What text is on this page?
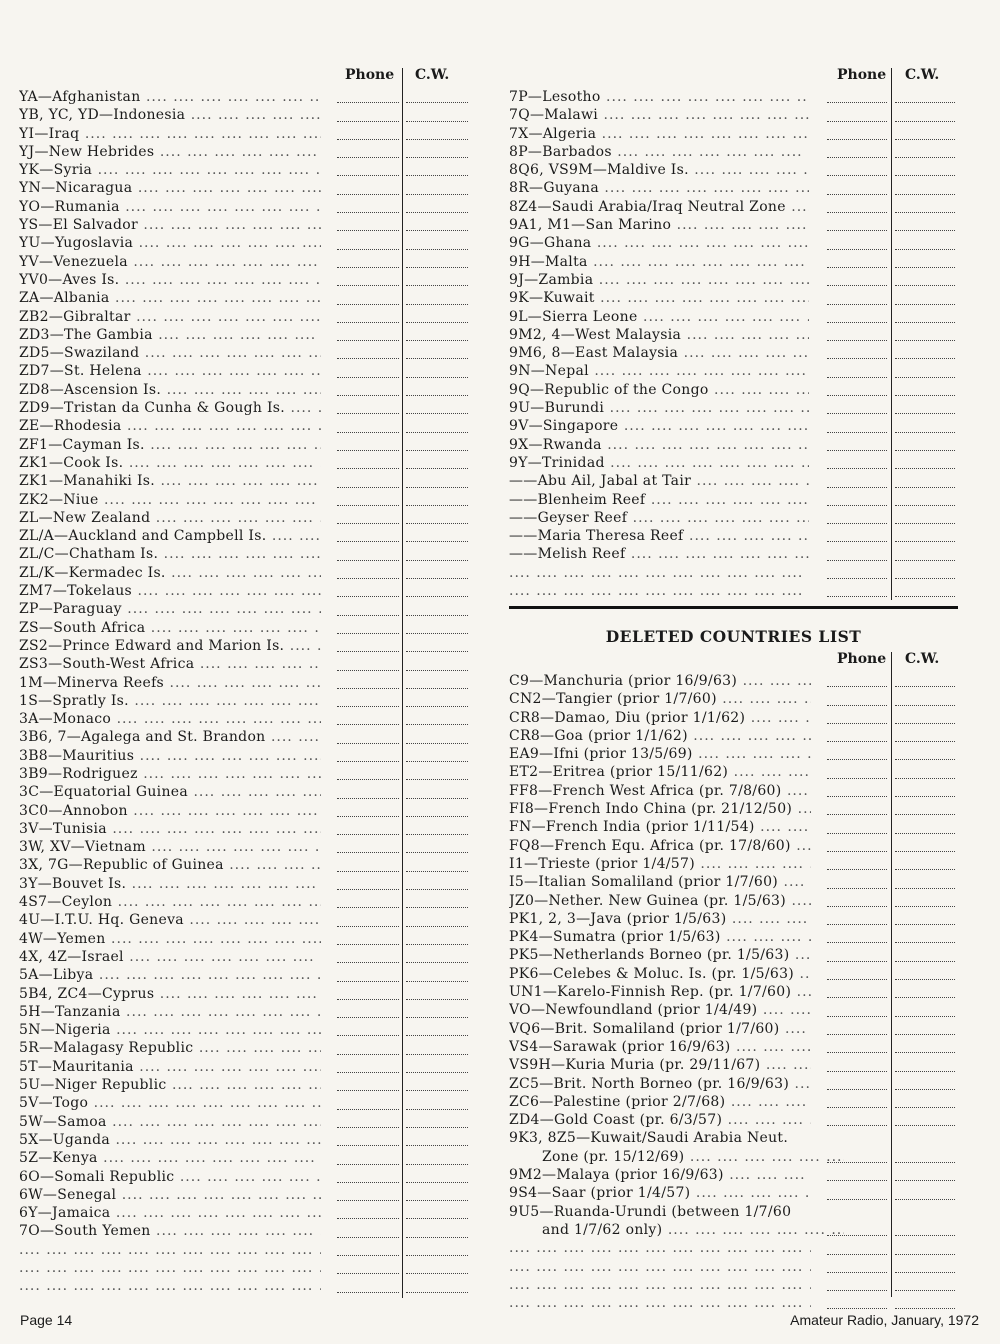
Phone C.W.
YA—Afghanistan ....
YB, YC, YD—Indonesia ....
YI—Iraq ....
YJ—New Hebrides ....
YK—Syria ....
YN—Nicaragua ....
YO—Rumania ....
YS—El Salvador ....
YU—Yugoslavia ....
YV—Venezuela ....
YV0—Aves Is. ....
ZA—Albania ....
ZB2—Gibraltar ....
ZD3—The Gambia ....
ZD5—Swaziland ....
ZD7—St. Helena ....
ZD8—Ascension Is. ....
ZD9—Tristan da Cunha & Gough Is. ....
ZE—Rhodesia ....
ZF1—Cayman Is. ....
ZK1—Cook Is. ....
ZK1—Manahiki Is. ....
ZK2—Niue ....
ZL—New Zealand ....
ZL/A—Auckland and Campbell Is. ....
ZL/C—Chatham Is. ....
ZL/K—Kermadec Is. ....
ZM7—Tokelaus ....
ZP—Paraguay ....
ZS—South Africa ....
ZS2—Prince Edward and Marion Is. ....
ZS3—South-West Africa ....
1M—Minerva Reefs ....
1S—Spratly Is. ....
3A—Monaco ....
3B6, 7—Agalega and St. Brandon ....
3B8—Mauritius ....
3B9—Rodriguez ....
3C—Equatorial Guinea ....
3C0—Annobon ....
3V—Tunisia ....
3W, XV—Vietnam ....
3X, 7G—Republic of Guinea ....
3Y—Bouvet Is. ....
4S7—Ceylon ....
4U—I.T.U. Hq. Geneva ....
4W—Yemen ....
4X, 4Z—Israel ....
5A—Libya ....
5B4, ZC4—Cyprus ....
5H—Tanzania ....
5N—Nigeria ....
5R—Malagasy Republic ....
5T—Mauritania ....
5U—Niger Republic ....
5V—Togo ....
5W—Samoa ....
5X—Uganda ....
5Z—Kenya ....
6O—Somali Republic ....
6W—Senegal ....
6Y—Jamaica ....
7O—South Yemen ....
....
....
....
Phone C.W.
7P—Lesotho ....
7Q—Malawi ....
7X—Algeria ....
8P—Barbados ....
8Q6, VS9M—Maldive Is. ....
8R—Guyana ....
8Z4—Saudi Arabia/Iraq Neutral Zone ....
9A1, M1—San Marino ....
9G—Ghana ....
9H—Malta ....
9J—Zambia ....
9K—Kuwait ....
9L—Sierra Leone ....
9M2, 4—West Malaysia ....
9M6, 8—East Malaysia ....
9N—Nepal ....
9Q—Republic of the Congo ....
9U—Burundi ....
9V—Singapore ....
9X—Rwanda ....
9Y—Trinidad ....
——Abu Ail, Jabal at Tair ....
——Blenheim Reef ....
——Geyser Reef ....
——Maria Theresa Reef ....
——Melish Reef ....
....
....
DELETED COUNTRIES LIST
Phone C.W.
C9—Manchuria (prior 16/9/63) ....
CN2—Tangier (prior 1/7/60) ....
CR8—Damao, Diu (prior 1/1/62) ....
CR8—Goa (prior 1/1/62) ....
EA9—Ifni (prior 13/5/69) ....
ET2—Eritrea (prior 15/11/62) ....
FF8—French West Africa (pr. 7/8/60) ....
FI8—French Indo China (pr. 21/12/50) ....
FN—French India (prior 1/11/54) ....
FQ8—French Equ. Africa (pr. 17/8/60) ....
I1—Trieste (prior 1/4/57) ....
I5—Italian Somaliland (prior 1/7/60) ....
JZ0—Nether. New Guinea (pr. 1/5/63) ....
PK1, 2, 3—Java (prior 1/5/63) ....
PK4—Sumatra (prior 1/5/63) ....
PK5—Netherlands Borneo (pr. 1/5/63) ....
PK6—Celebes & Moluc. Is. (pr. 1/5/63) ....
UN1—Karelo-Finnish Rep. (pr. 1/7/60) ....
VO—Newfoundland (prior 1/4/49) ....
VQ6—Brit. Somaliland (prior 1/7/60) ....
VS4—Sarawak (prior 16/9/63) ....
VS9H—Kuria Muria (pr. 29/11/67) ....
ZC5—Brit. North Borneo (pr. 16/9/63) ....
ZC6—Palestine (prior 2/7/68) ....
ZD4—Gold Coast (pr. 6/3/57) ....
9K3, 8Z5—Kuwait/Saudi Arabia Neut.
Zone (pr. 15/12/69) ....
9M2—Malaya (prior 16/9/63) ....
9S4—Saar (prior 1/4/57) ....
9U5—Ruanda-Urundi (between 1/7/60
and 1/7/62 only) ....
....
....
....
....
Page 14	Amateur Radio, January, 1972
